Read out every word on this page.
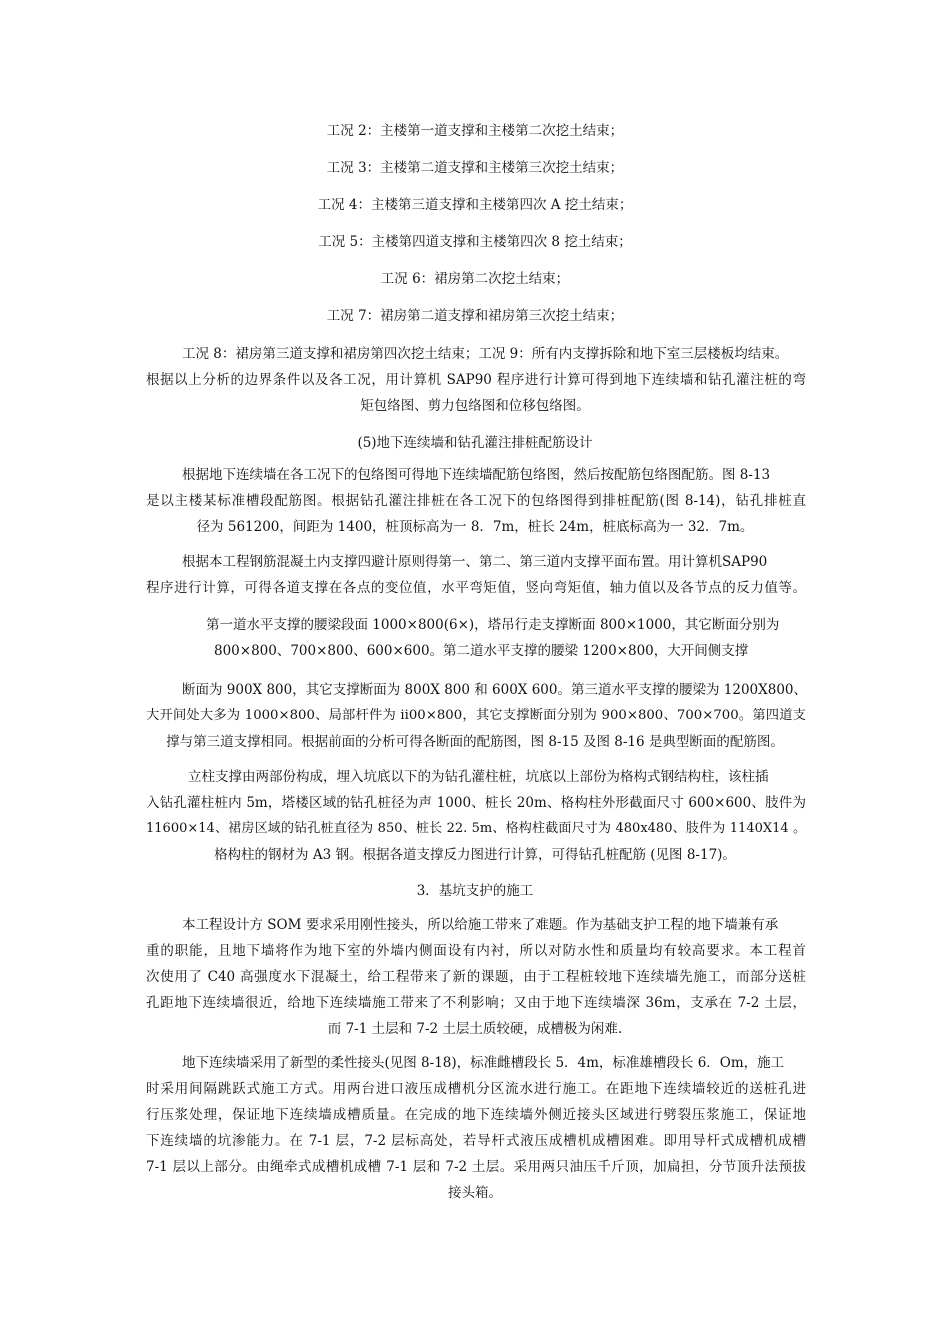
工况 2：主楼第一道支撑和主楼第二次挖土结束；
工况 3：主楼第二道支撑和主楼第三次挖土结束；
工况 4：主楼第三道支撑和主楼第四次 A 挖土结束；
工况 5：主楼第四道支撑和主楼第四次 8 挖土结束；
工况 6：裙房第二次挖土结束；
工况 7：裙房第二道支撑和裙房第三次挖土结束；
工况 8：裙房第三道支撑和裙房第四次挖土结束；工况 9：所有内支撑拆除和地下室三层楼板均结束。
根据以上分析的边界条件以及各工况，用计算机 SAP90 程序进行计算可得到地下连续墙和钻孔灌注桩的弯
矩包络图、剪力包络图和位移包络图。
(5)地下连续墙和钻孔灌注排桩配筋设计
根据地下连续墙在各工况下的包络图可得地下连续墙配筋包络图，然后按配筋包络图配筋。图 8-13
是以主楼某标准槽段配筋图。根据钻孔灌注排桩在各工况下的包络图得到排桩配筋(图 8-14)，钻孔排桩直
径为 561200，间距为 1400，桩顶标高为一 8．7m，桩长 24m，桩底标高为一 32．7m。
根据本工程钢筋混凝土内支撑四避计原则得第一、第二、第三道内支撑平面布置。用计算机SAP90
程序进行计算，可得各道支撑在各点的变位值，水平弯矩值，竖向弯矩值，轴力值以及各节点的反力值等。
第一道水平支撑的腰梁段面 1000×800(6×)，塔吊行走支撑断面 800×1000，其它断面分别为
800×800、700×800、600×600。第二道水平支撑的腰梁 1200×800，大开间侧支撑
断面为 900X 800，其它支撑断面为 800X 800 和 600X 600。第三道水平支撑的腰梁为 1200X800、
大开间处大多为 1000×800、局部杆件为 ii00×800，其它支撑断面分别为 900×800、700×700。第四道支
撑与第三道支撑相同。根据前面的分析可得各断面的配筋图，图 8-15 及图 8-16 是典型断面的配筋图。
立柱支撑由两部份构成，埋入坑底以下的为钻孔灌柱桩，坑底以上部份为格构式钢结构柱，该柱插
入钻孔灌柱桩内 5m，塔楼区域的钻孔桩径为声 1000、桩长 20m、格构柱外形截面尺寸 600×600、肢件为
11600×14、裙房区域的钻孔桩直径为 850、桩长 22. 5m、格构柱截面尺寸为 480x480、肢件为 1140X14 。
格构柱的钢材为 A3 钢。根据各道支撑反力图进行计算，可得钻孔桩配筋 (见图 8-17)。
3．基坑支护的施工
本工程设计方 SOM 要求采用刚性接头，所以给施工带来了难题。作为基础支护工程的地下墙兼有承
重的职能，且地下墙将作为地下室的外墙内侧面设有内衬，所以对防水性和质量均有较高要求。本工程首
次使用了 C40 高强度水下混凝土，给工程带来了新的课题，由于工程桩较地下连续墙先施工，而部分送桩
孔距地下连续墙很近，给地下连续墙施工带来了不利影响；又由于地下连续墙深 36m，支承在 7-2 土层，
而 7-1 土层和 7-2 土层土质较硬，成槽极为闲难.
地下连续墙采用了新型的柔性接头(见图 8-18)，标准雌槽段长 5．4m，标准雄槽段长 6．Om，施工
时采用间隔跳跃式施工方式。用两台进口液压成槽机分区流水进行施工。在距地下连续墙较近的送桩孔进
行压浆处理，保证地下连续墙成槽质量。在完成的地下连续墙外侧近接头区域进行劈裂压浆施工，保证地
下连续墙的坑渗能力。在 7-1 层，7-2 层标高处，若导杆式液压成槽机成槽困难。即用导杆式成槽机成槽
7-1 层以上部分。由绳牵式成槽机成槽 7-1 层和 7-2 土层。采用两只油压千斤顶，加扁担，分节顶升法预拔
接头箱。
